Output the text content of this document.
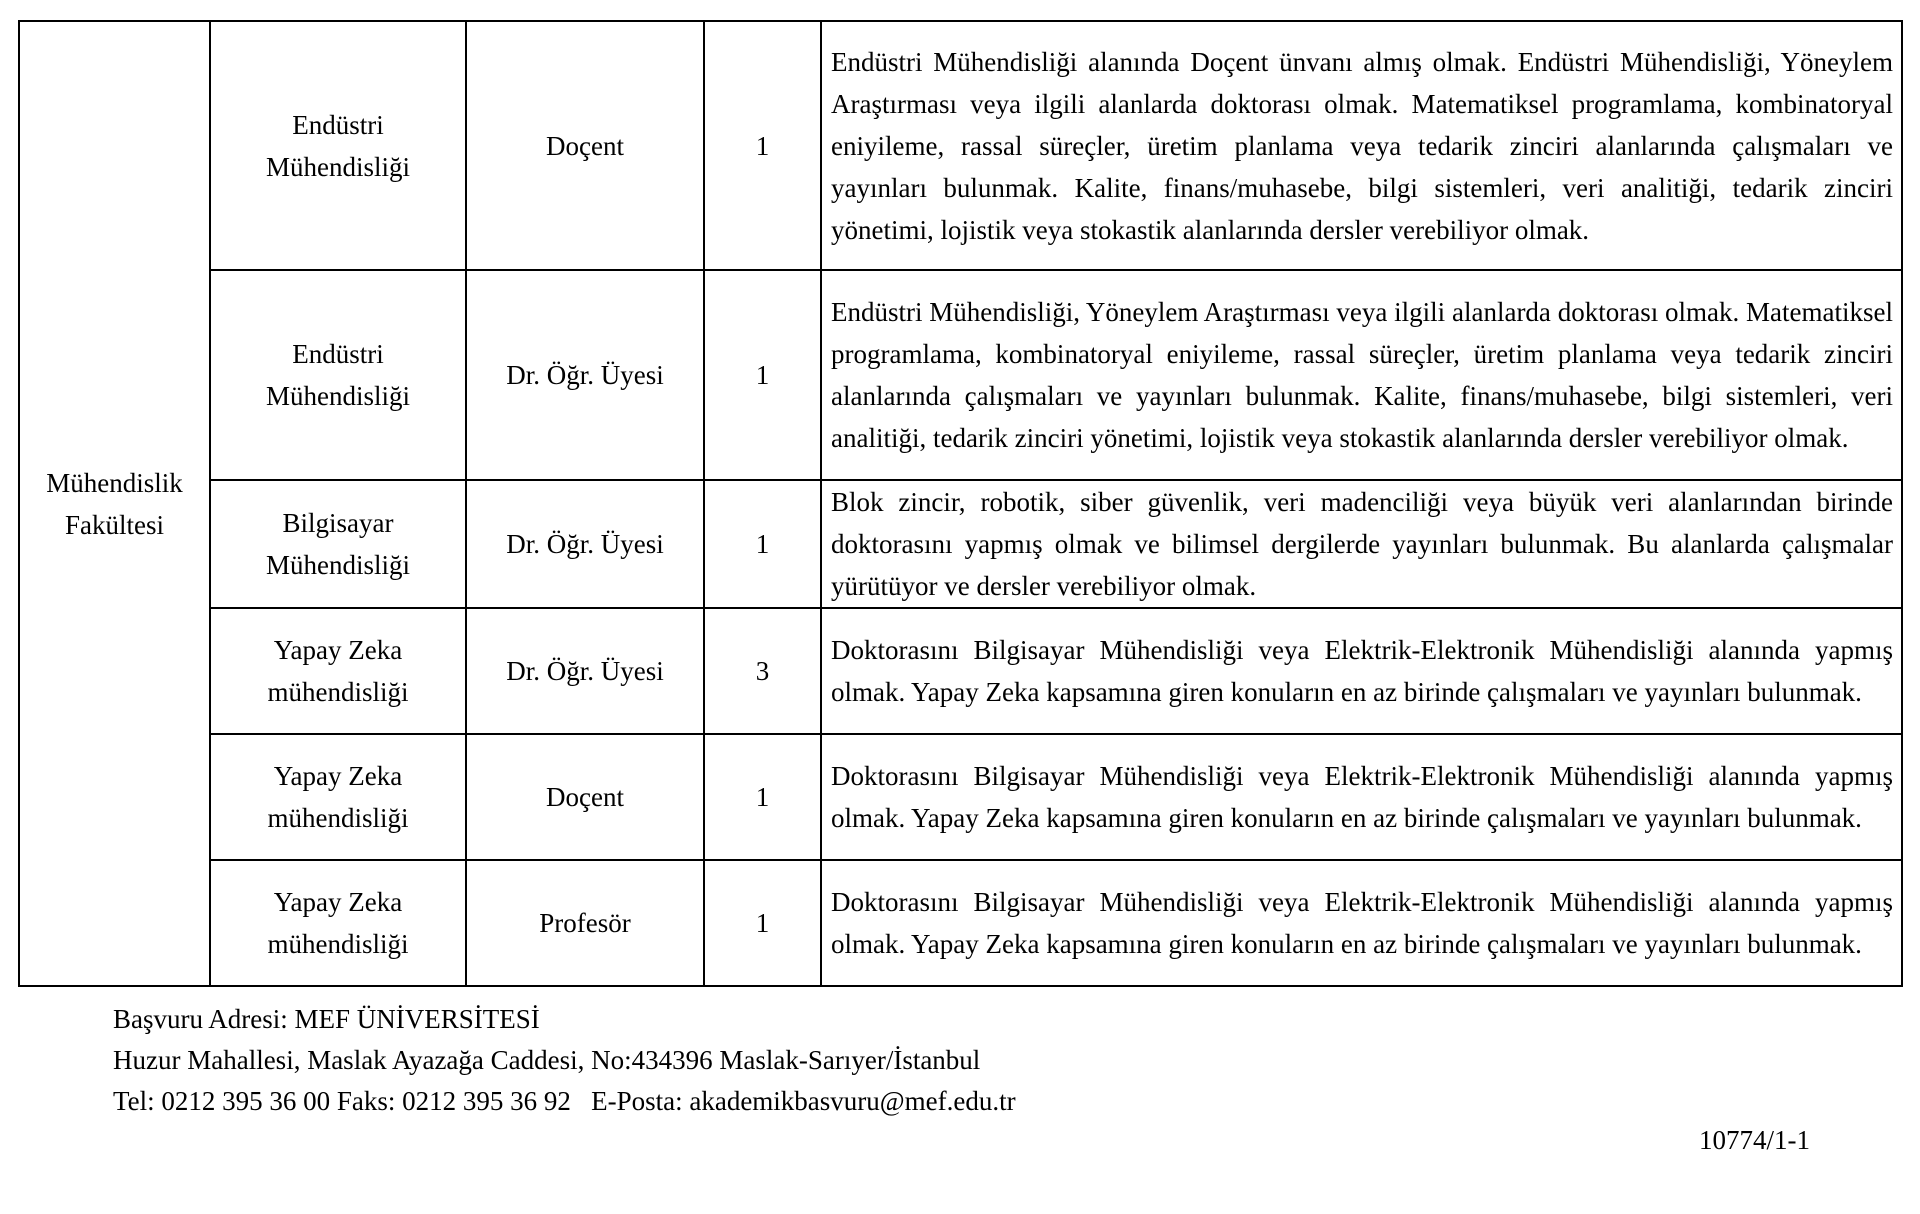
Mühendislik Fakültesi	Endüstri Mühendisliği	Doçent	1	Endüstri Mühendisliği alanında Doçent ünvanı almış olmak. Endüstri Mühendisliği, Yöneylem Araştırması veya ilgili alanlarda doktorası olmak. Matematiksel programlama, kombinatoryal eniyileme, rassal süreçler, üretim planlama veya tedarik zinciri alanlarında çalışmaları ve yayınları bulunmak. Kalite, finans/muhasebe, bilgi sistemleri, veri analitiği, tedarik zinciri yönetimi, lojistik veya stokastik alanlarında dersler verebiliyor olmak.
	Endüstri Mühendisliği	Dr. Öğr. Üyesi	1	Endüstri Mühendisliği, Yöneylem Araştırması veya ilgili alanlarda doktorası olmak. Matematiksel programlama, kombinatoryal eniyileme, rassal süreçler, üretim planlama veya tedarik zinciri alanlarında çalışmaları ve yayınları bulunmak. Kalite, finans/muhasebe, bilgi sistemleri, veri analitiği, tedarik zinciri yönetimi, lojistik veya stokastik alanlarında dersler verebiliyor olmak.
	Bilgisayar Mühendisliği	Dr. Öğr. Üyesi	1	Blok zincir, robotik, siber güvenlik, veri madenciliği veya büyük veri alanlarından birinde doktorasını yapmış olmak ve bilimsel dergilerde yayınları bulunmak. Bu alanlarda çalışmalar yürütüyor ve dersler verebiliyor olmak.
	Yapay Zeka mühendisliği	Dr. Öğr. Üyesi	3	Doktorasını Bilgisayar Mühendisliği veya Elektrik-Elektronik Mühendisliği alanında yapmış olmak. Yapay Zeka kapsamına giren konuların en az birinde çalışmaları ve yayınları bulunmak.
	Yapay Zeka mühendisliği	Doçent	1	Doktorasını Bilgisayar Mühendisliği veya Elektrik-Elektronik Mühendisliği alanında yapmış olmak. Yapay Zeka kapsamına giren konuların en az birinde çalışmaları ve yayınları bulunmak.
	Yapay Zeka mühendisliği	Profesör	1	Doktorasını Bilgisayar Mühendisliği veya Elektrik-Elektronik Mühendisliği alanında yapmış olmak. Yapay Zeka kapsamına giren konuların en az birinde çalışmaları ve yayınları bulunmak.
Başvuru Adresi: MEF ÜNİVERSİTESİ
Huzur Mahallesi, Maslak Ayazağa Caddesi, No:434396 Maslak-Sarıyer/İstanbul
Tel: 0212 395 36 00 Faks: 0212 395 36 92   E-Posta: akademikbasvuru@mef.edu.tr
10774/1-1
